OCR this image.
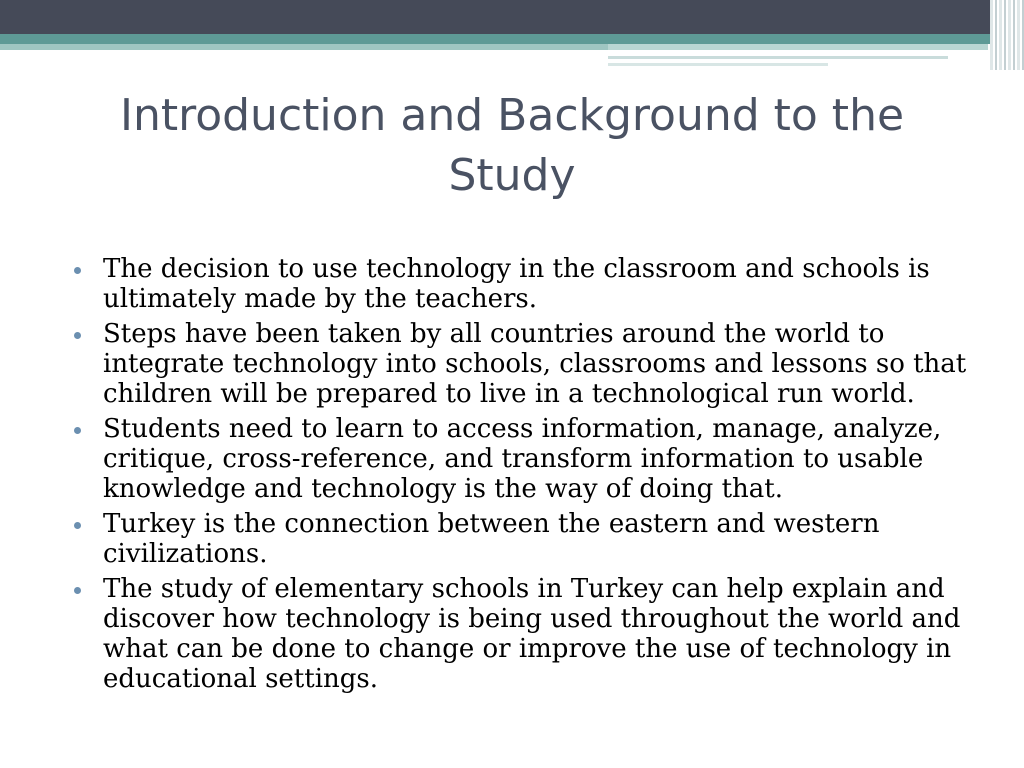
Introduction and Background to the Study
The decision to use technology in the classroom and schools is ultimately made by the teachers.
Steps have been taken by all countries around the world to integrate technology into schools, classrooms and lessons so that children will be prepared to live in a technological run world.
Students need to learn to access information, manage, analyze, critique, cross-reference, and transform information to usable knowledge and technology is the way of doing that.
Turkey is the connection between the eastern and western civilizations.
The study of elementary schools in Turkey can help explain and discover how technology is being used throughout the world and what can be done to change or improve the use of technology in educational settings.
